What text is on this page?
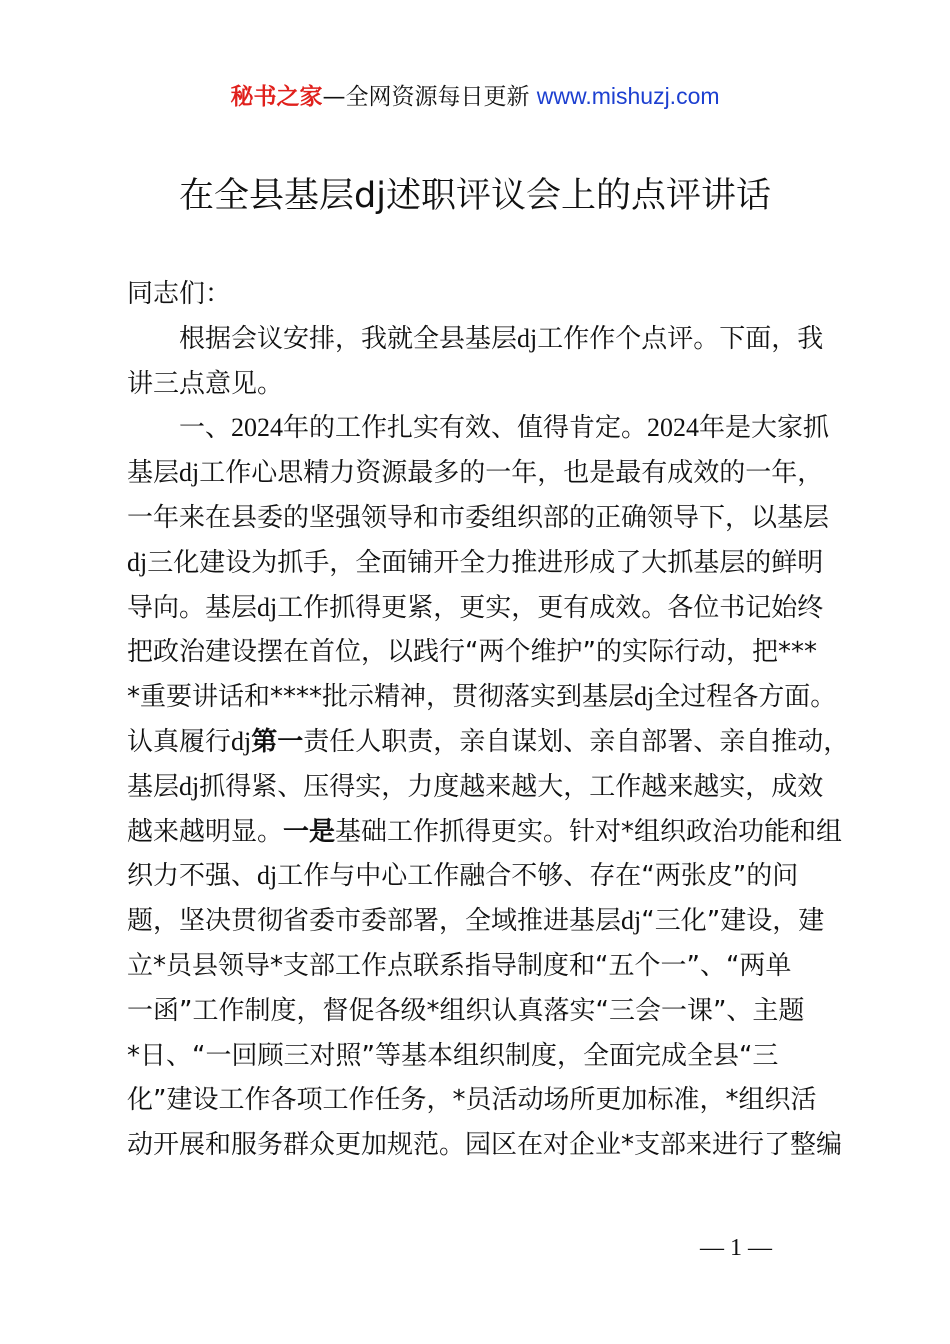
秘书之家—全网资源每日更新 www.mishuzj.com
在全县基层dj述职评议会上的点评讲话
同志们：
　　根据会议安排，我就全县基层dj工作作个点评。下面，我
讲三点意见。
　　一、2024年的工作扎实有效、值得肯定。2024年是大家抓
基层dj工作心思精力资源最多的一年，也是最有成效的一年，
一年来在县委的坚强领导和市委组织部的正确领导下，以基层
dj三化建设为抓手，全面铺开全力推进形成了大抓基层的鲜明
导向。基层dj工作抓得更紧，更实，更有成效。各位书记始终
把政治建设摆在首位，以践行“两个维护”的实际行动，把***
*重要讲话和****批示精神，贯彻落实到基层dj全过程各方面。
认真履行dj第一责任人职责，亲自谋划、亲自部署、亲自推动，
基层dj抓得紧、压得实，力度越来越大，工作越来越实，成效
越来越明显。一是基础工作抓得更实。针对*组织政治功能和组
织力不强、dj工作与中心工作融合不够、存在“两张皮”的问
题，坚决贯彻省委市委部署，全域推进基层dj“三化”建设，建
立*员县领导*支部工作点联系指导制度和“五个一”、“两单
一函”工作制度，督促各级*组织认真落实“三会一课”、主题
*日、“一回顾三对照”等基本组织制度，全面完成全县“三
化”建设工作各项工作任务，*员活动场所更加标准，*组织活
动开展和服务群众更加规范。园区在对企业*支部来进行了整编
— 1 —
